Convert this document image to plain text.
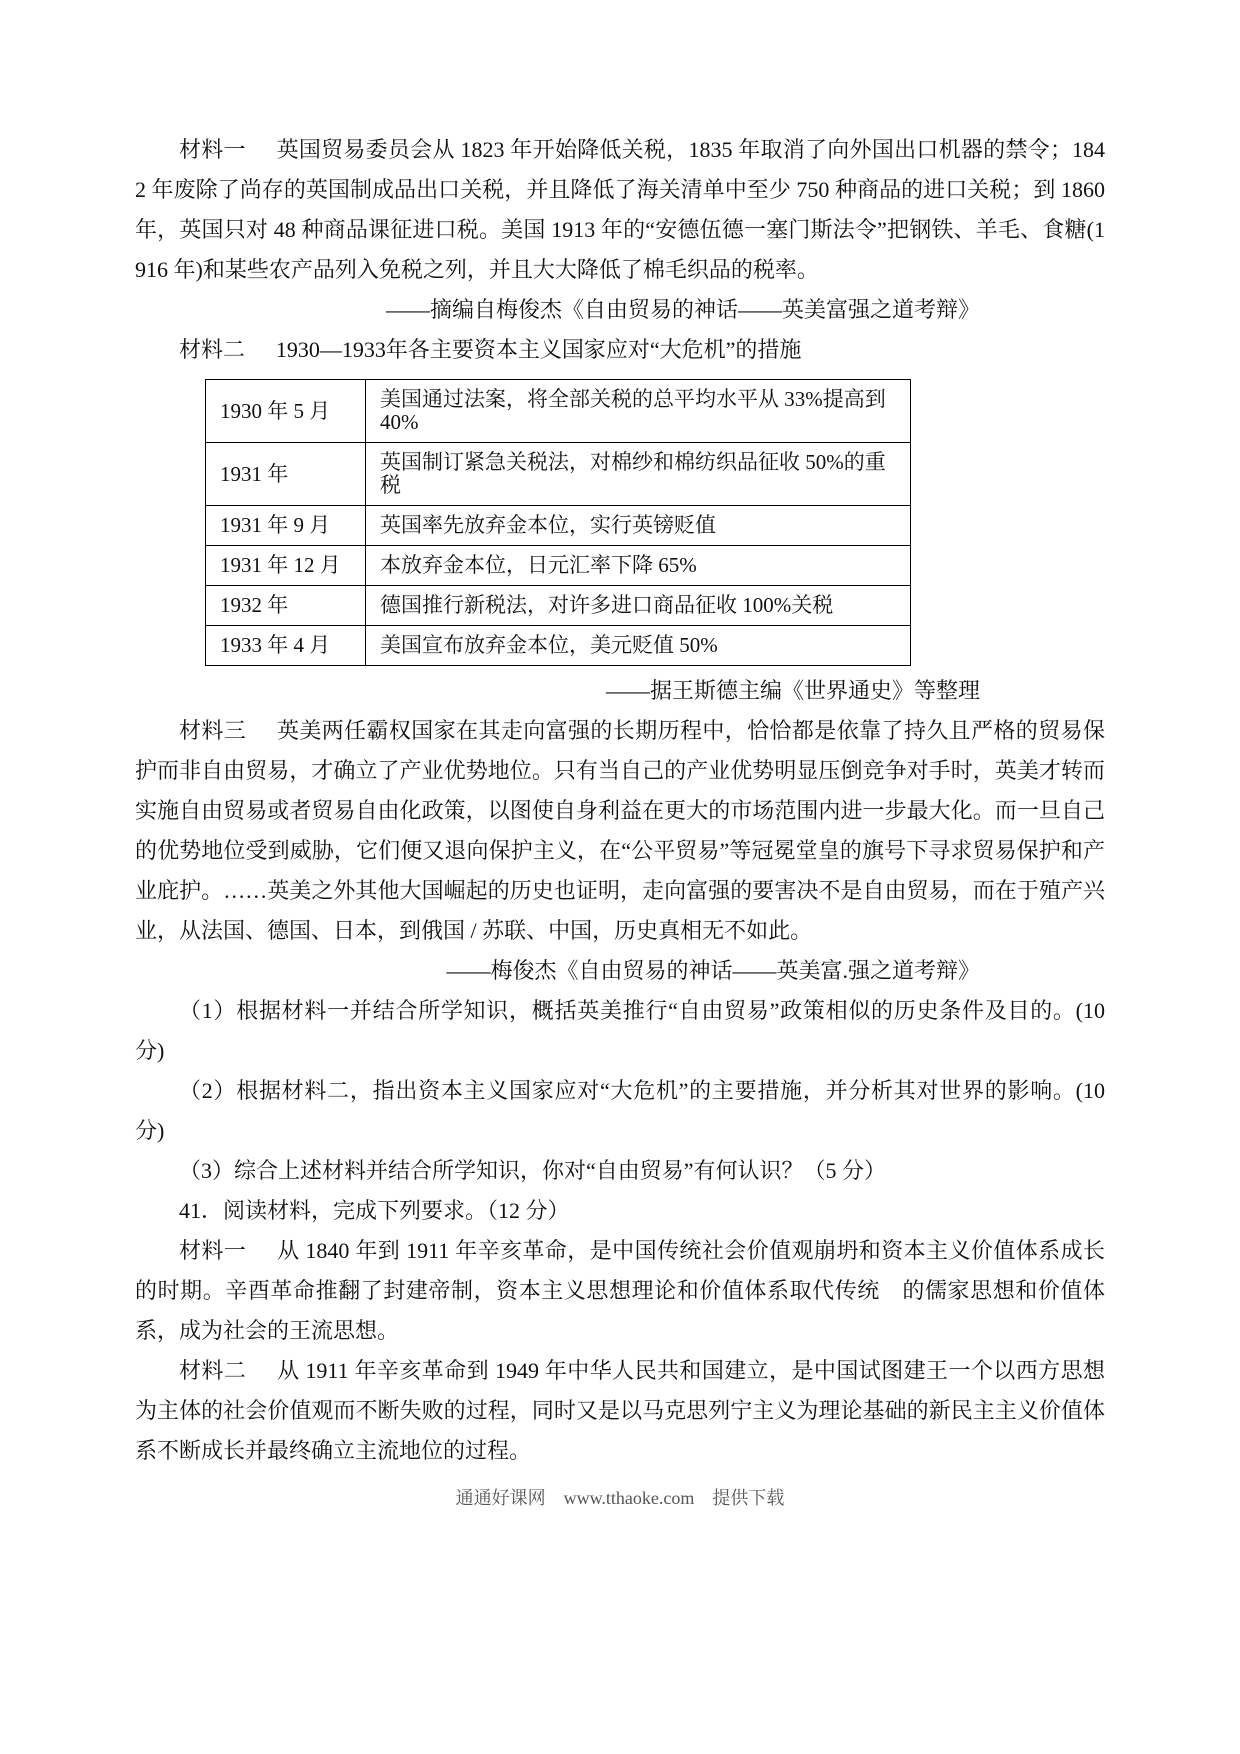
材料一 英国贸易委员会从 1823 年开始降低关税，1835 年取消了向外国出口机器的禁令；1842 年废除了尚存的英国制成品出口关税，并且降低了海关清单中至少 750 种商品的进口关税；到 1860 年，英国只对 48 种商品课征进口税。美国 1913 年的“安德伍德一塞门斯法令”把钢铁、羊毛、食糖(1916 年)和某些农产品列入免税之列，并且大大降低了棉毛织品的税率。

——摘编自梅俊杰《自由贸易的神话——英美富强之道考辩》

材料二 1930—1933年各主要资本主义国家应对“大危机”的措施

1930 年 5 月	美国通过法案，将全部关税的总平均水平从 33%提高到 40%
1931 年	英国制订紧急关税法，对棉纱和棉纺织品征收 50%的重税
1931 年 9 月	英国率先放弃金本位，实行英镑贬值
1931 年 12 月	本放弃金本位，日元汇率下降 65%
1932 年	德国推行新税法，对许多进口商品征收 100%关税
1933 年 4 月	美国宣布放弃金本位，美元贬值 50%

——据王斯德主编《世界通史》等整理

材料三 英美两任霸权国家在其走向富强的长期历程中，恰恰都是依靠了持久且严格的贸易保护而非自由贸易，才确立了产业优势地位。只有当自己的产业优势明显压倒竞争对手时，英美才转而实施自由贸易或者贸易自由化政策，以图使自身利益在更大的市场范围内进一步最大化。而一旦自己的优势地位受到威胁，它们便又退向保护主义，在“公平贸易”等冠冕堂皇的旗号下寻求贸易保护和产业庇护。……英美之外其他大国崛起的历史也证明，走向富强的要害决不是自由贸易，而在于殖产兴业，从法国、德国、日本，到俄国 / 苏联、中国，历史真相无不如此。

——梅俊杰《自由贸易的神话——英美富.强之道考辩》

（1）根据材料一并结合所学知识，概括英美推行“自由贸易”政策相似的历史条件及目的。(10 分)

（2）根据材料二，指出资本主义国家应对“大危机”的主要措施，并分析其对世界的影响。(10 分)

（3）综合上述材料并结合所学知识，你对“自由贸易”有何认识？（5 分）

41．阅读材料，完成下列要求。（12 分）

材料一 从 1840 年到 1911 年辛亥革命，是中国传统社会价值观崩坍和资本主义价值体系成长的时期。辛酉革命推翻了封建帝制，资本主义思想理论和价值体系取代传统　的儒家思想和价值体系，成为社会的王流思想。

材料二 从 1911 年辛亥革命到 1949 年中华人民共和国建立，是中国试图建王一个以西方思想为主体的社会价值观而不断失败的过程，同时又是以马克思列宁主义为理论基础的新民主主义价值体系不断成长并最终确立主流地位的过程。

通通好课网　www.tthaoke.com　提供下载
